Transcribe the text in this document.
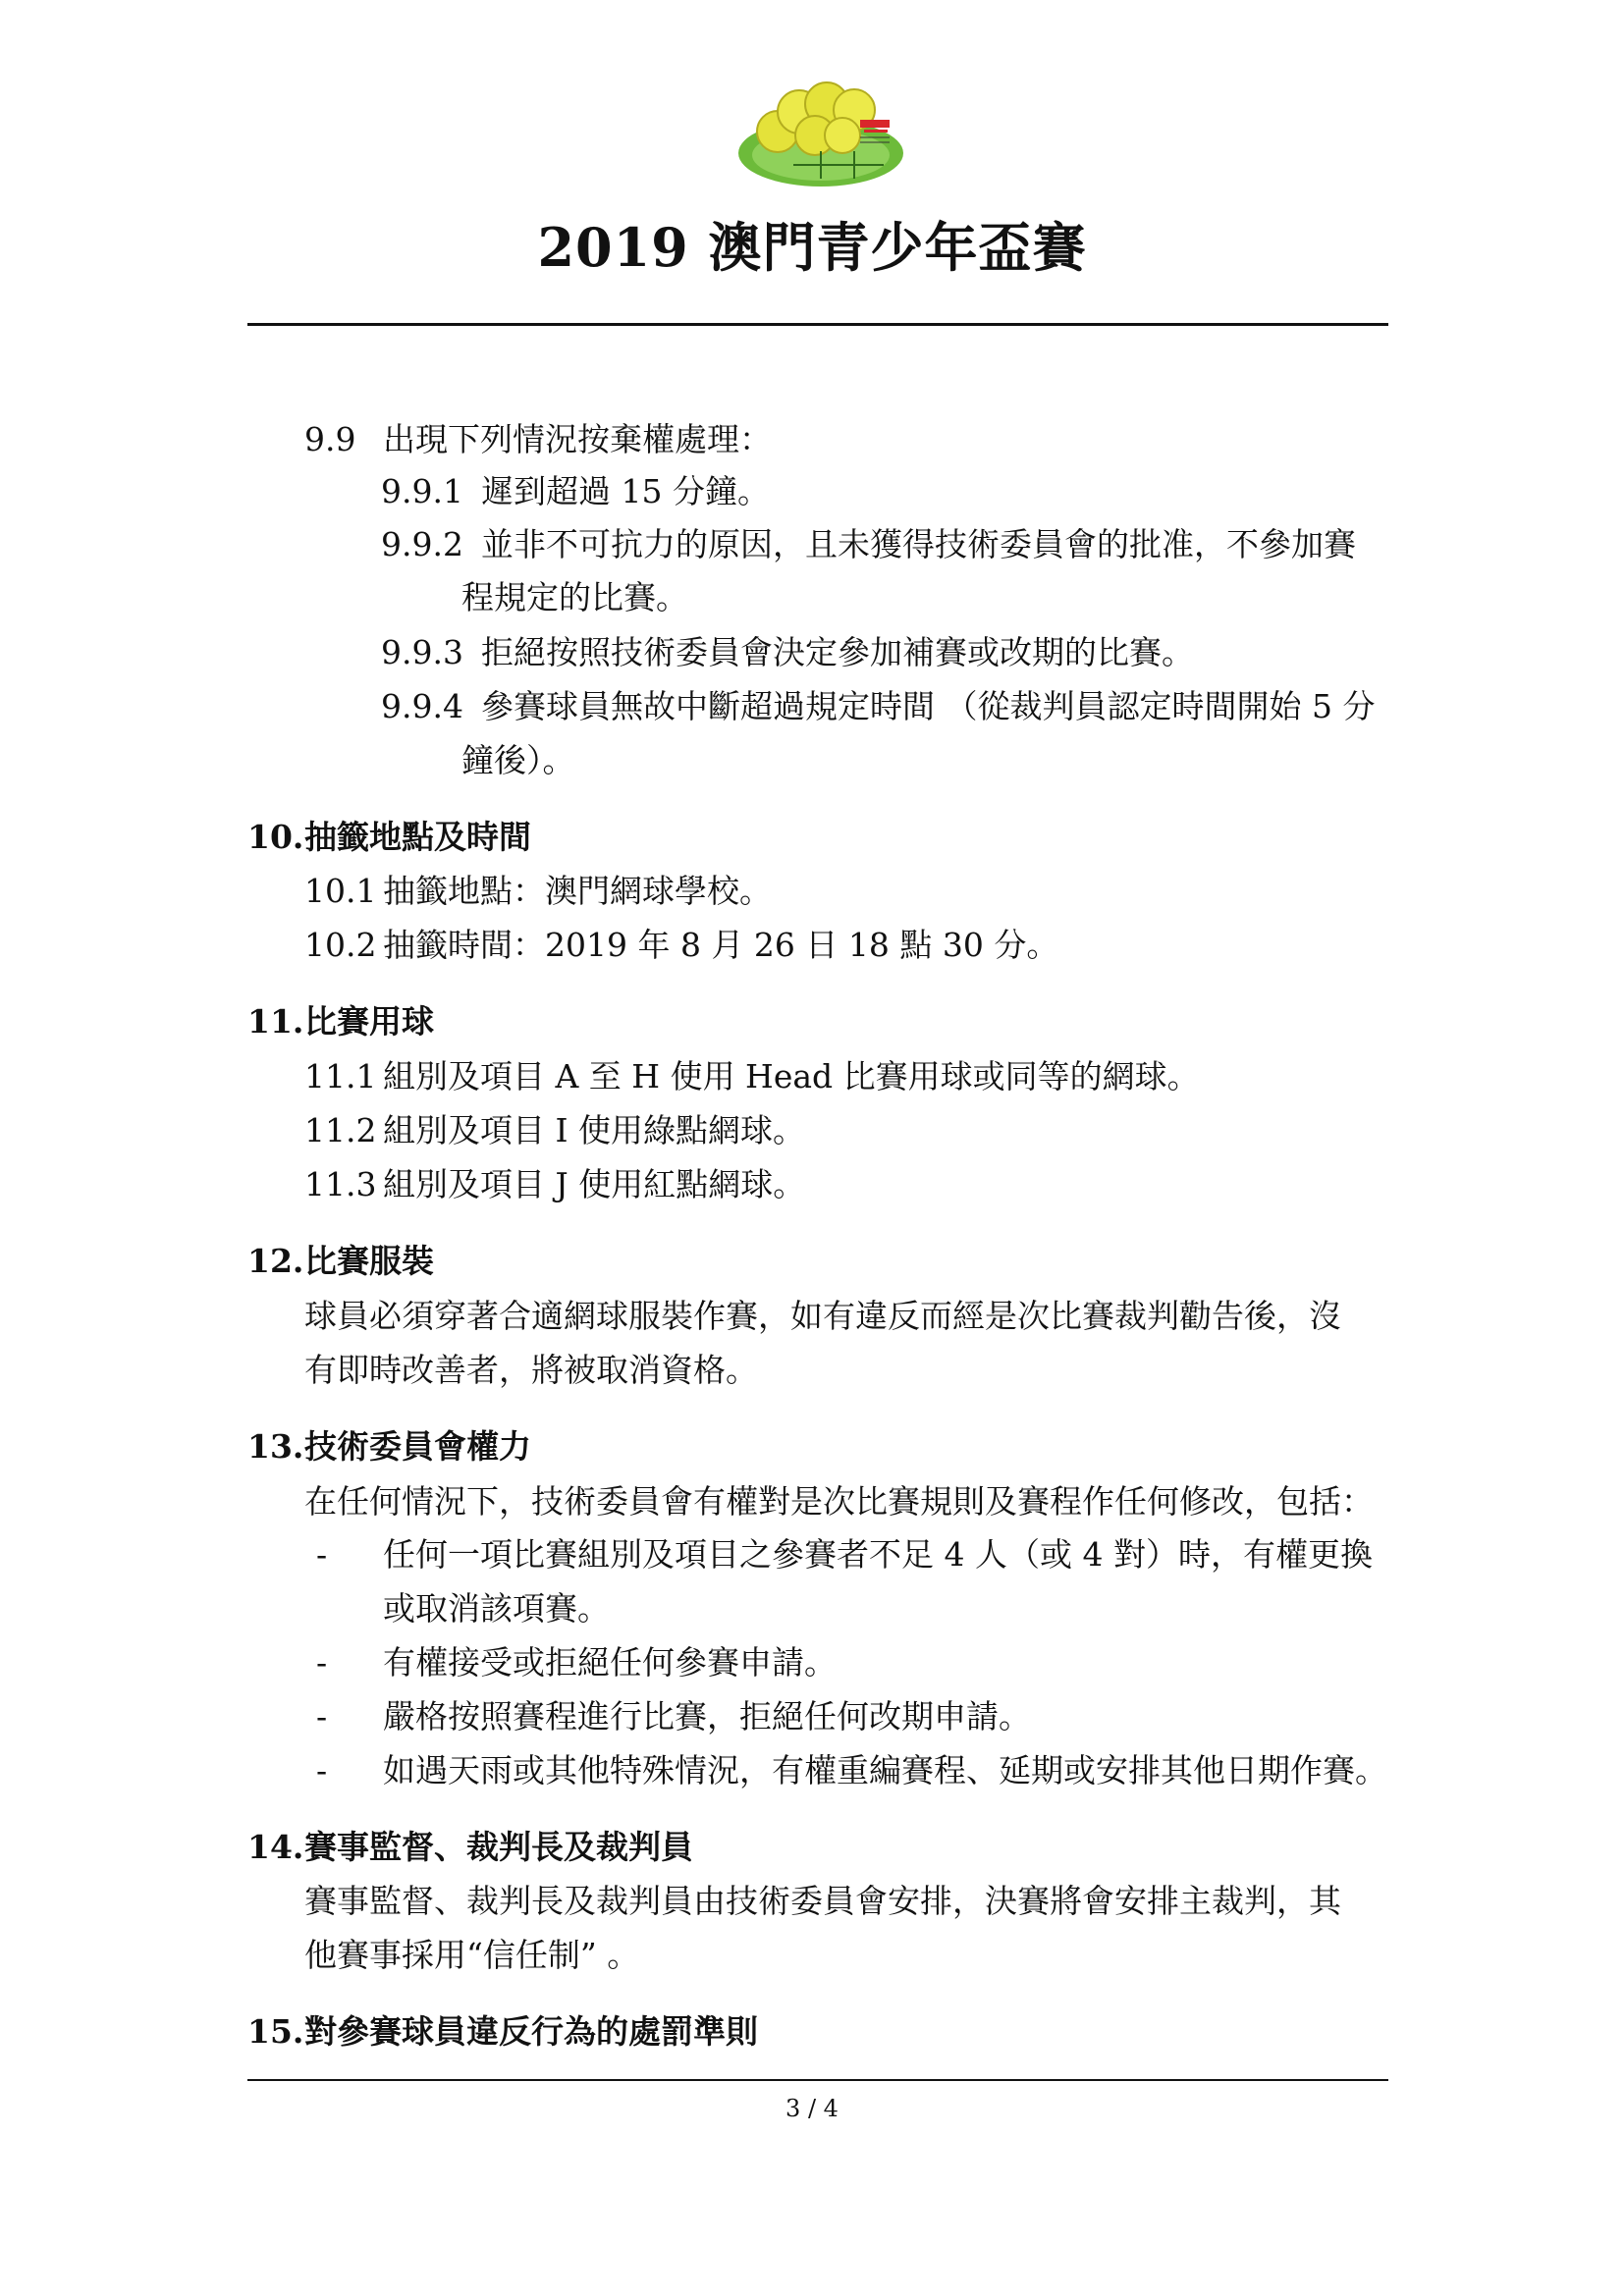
2019 澳門青少年盃賽
9.9 出現下列情況按棄權處理：
9.9.1 遲到超過 15 分鐘。
9.9.2 並非不可抗力的原因，且未獲得技術委員會的批准，不參加賽
程規定的比賽。
9.9.3 拒絕按照技術委員會決定參加補賽或改期的比賽。
9.9.4 參賽球員無故中斷超過規定時間 （從裁判員認定時間開始 5 分
鐘後）。
10. 抽籤地點及時間
10.1 抽籤地點：澳門網球學校。
10.2 抽籤時間：2019 年 8 月 26 日 18 點 30 分。
11. 比賽用球
11.1 組別及項目 A 至 H 使用 Head 比賽用球或同等的網球。
11.2 組別及項目 I 使用綠點網球。
11.3 組別及項目 J 使用紅點網球。
12. 比賽服裝
球員必須穿著合適網球服裝作賽，如有違反而經是次比賽裁判勸告後，沒
有即時改善者，將被取消資格。
13. 技術委員會權力
在任何情況下，技術委員會有權對是次比賽規則及賽程作任何修改，包括：
- 任何一項比賽組別及項目之參賽者不足 4 人（或 4 對）時，有權更換
或取消該項賽。
- 有權接受或拒絕任何參賽申請。
- 嚴格按照賽程進行比賽，拒絕任何改期申請。
- 如遇天雨或其他特殊情況，有權重編賽程、延期或安排其他日期作賽。
14. 賽事監督、裁判長及裁判員
賽事監督、裁判長及裁判員由技術委員會安排，決賽將會安排主裁判，其
他賽事採用“信任制” 。
15. 對參賽球員違反行為的處罰準則
3 / 4
